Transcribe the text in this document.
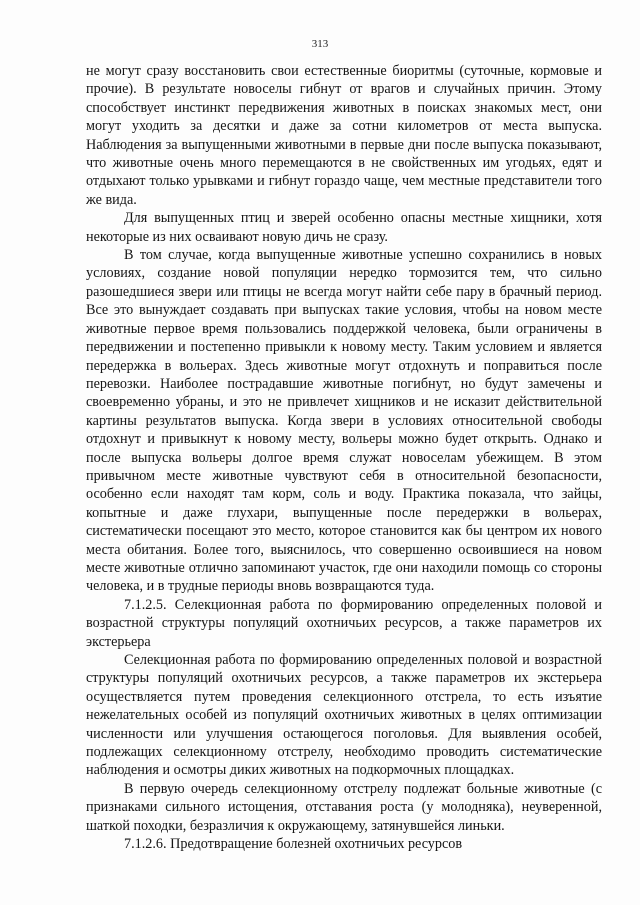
313

не могут сразу восстановить свои естественные биоритмы (суточные, кормовые и прочие). В результате новоселы гибнут от врагов и случайных причин. Этому способствует инстинкт передвижения животных в поисках знакомых мест, они могут уходить за десятки и даже за сотни километров от места выпуска. Наблюдения за выпущенными животными в первые дни после выпуска показывают, что животные очень много перемещаются в не свойственных им угодьях, едят и отдыхают только урывками и гибнут гораздо чаще, чем местные представители того же вида.

Для выпущенных птиц и зверей особенно опасны местные хищники, хотя некоторые из них осваивают новую дичь не сразу.

В том случае, когда выпущенные животные успешно сохранились в новых условиях, создание новой популяции нередко тормозится тем, что сильно разошедшиеся звери или птицы не всегда могут найти себе пару в брачный период. Все это вынуждает создавать при выпусках такие условия, чтобы на новом месте животные первое время пользовались поддержкой человека, были ограничены в передвижении и постепенно привыкли к новому месту. Таким условием и является передержка в вольерах. Здесь животные могут отдохнуть и поправиться после перевозки. Наиболее пострадавшие животные погибнут, но будут замечены и своевременно убраны, и это не привлечет хищников и не исказит действительной картины результатов выпуска. Когда звери в условиях относительной свободы отдохнут и привыкнут к новому месту, вольеры можно будет открыть. Однако и после выпуска вольеры долгое время служат новоселам убежищем. В этом привычном месте животные чувствуют себя в относительной безопасности, особенно если находят там корм, соль и воду. Практика показала, что зайцы, копытные и даже глухари, выпущенные после передержки в вольерах, систематически посещают это место, которое становится как бы центром их нового места обитания. Более того, выяснилось, что совершенно освоившиеся на новом месте животные отлично запоминают участок, где они находили помощь со стороны человека, и в трудные периоды вновь возвращаются туда.

7.1.2.5. Селекционная работа по формированию определенных половой и возрастной структуры популяций охотничьих ресурсов, а также параметров их экстерьера

Селекционная работа по формированию определенных половой и возрастной структуры популяций охотничьих ресурсов, а также параметров их экстерьера осуществляется путем проведения селекционного отстрела, то есть изъятие нежелательных особей из популяций охотничьих животных в целях оптимизации численности или улучшения остающегося поголовья. Для выявления особей, подлежащих селекционному отстрелу, необходимо проводить систематические наблюдения и осмотры диких животных на подкормочных площадках.

В первую очередь селекционному отстрелу подлежат больные животные (с признаками сильного истощения, отставания роста (у молодняка), неуверенной, шаткой походки, безразличия к окружающему, затянувшейся линьки.

7.1.2.6. Предотвращение болезней охотничьих ресурсов
